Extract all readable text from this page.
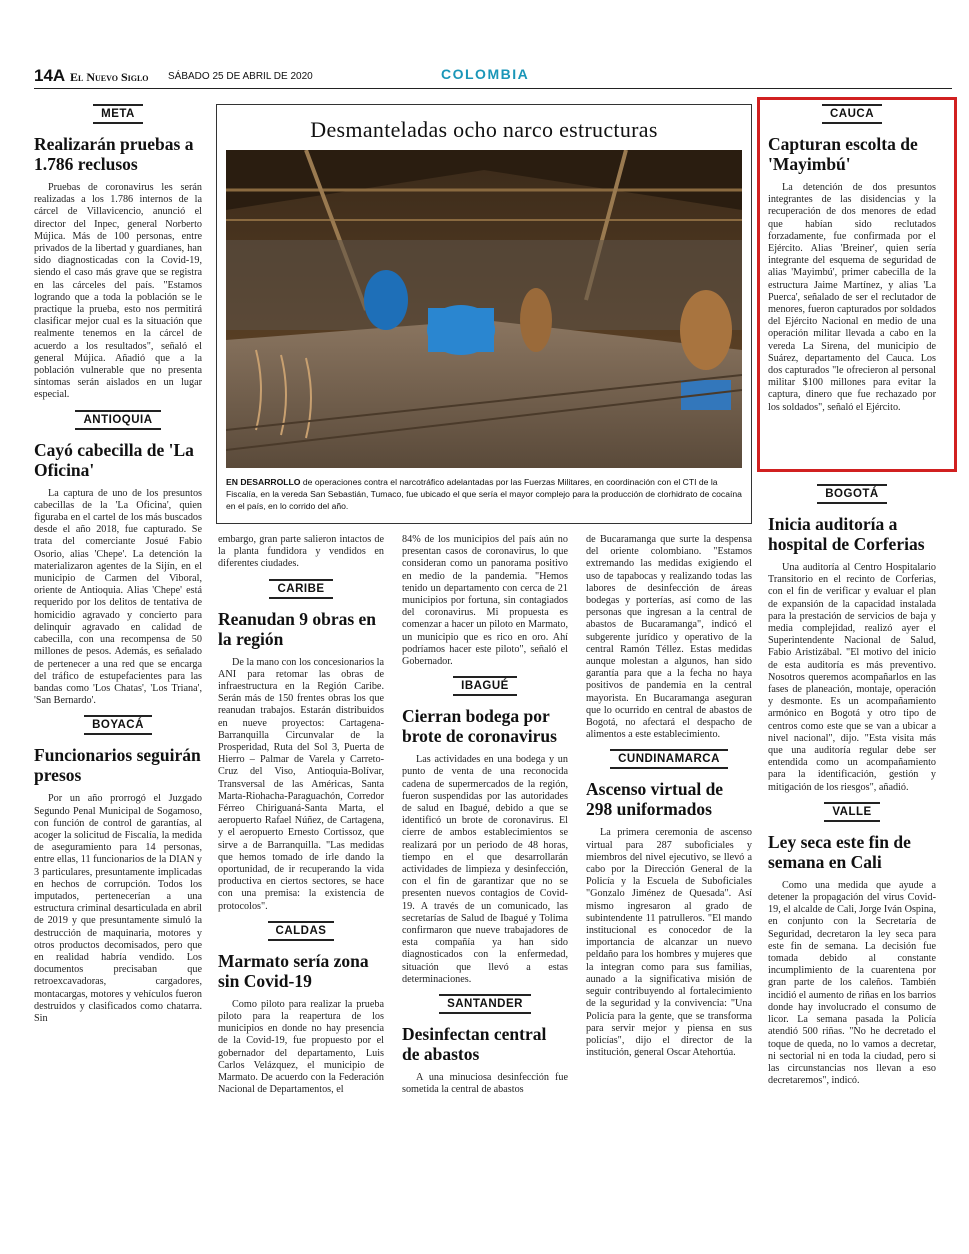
14A El Nuevo Siglo SÁBADO 25 DE ABRIL DE 2020	COLOMBIA
META
Realizarán pruebas a 1.786 reclusos

Pruebas de coronavirus les serán realizadas a los 1.786 internos de la cárcel de Villavicencio, anunció el director del Inpec, general Norberto Mújica. Más de 100 personas, entre privados de la libertad y guardianes, han sido diagnosticadas con la Covid-19, siendo el caso más grave que se registra en las cárceles del país. "Estamos logrando que a toda la población se le practique la prueba, esto nos permitirá clasificar mejor cual es la situación que realmente tenemos en la cárcel de acuerdo a los resultados", señaló el general Mújica. Añadió que a la población vulnerable que no presenta síntomas serán aislados en un lugar especial.

ANTIOQUIA
Cayó cabecilla de 'La Oficina'

La captura de uno de los presuntos cabecillas de la 'La Oficina', quien figuraba en el cartel de los más buscados desde el año 2018, fue capturado. Se trata del comerciante Josué Fabio Osorio, alias 'Chepe'. La detención la materializaron agentes de la Sijín, en el municipio de Carmen del Viboral, oriente de Antioquia. Alias 'Chepe' está requerido por los delitos de tentativa de homicidio agravado y concierto para delinquir agravado en calidad de cabecilla, con una recompensa de 50 millones de pesos. Además, es señalado de pertenecer a una red que se encarga del tráfico de estupefacientes para las bandas como 'Los Chatas', 'Los Triana', 'San Bernardo'.

BOYACÁ
Funcionarios seguirán presos

Por un año prorrogó el Juzgado Segundo Penal Municipal de Sogamoso, con función de control de garantías, al acoger la solicitud de Fiscalía, la medida de aseguramiento para 14 personas, entre ellas, 11 funcionarios de la DIAN y 3 particulares, presuntamente implicadas en hechos de corrupción. Todos los imputados, pertenecerían a una estructura criminal desarticulada en abril de 2019 y que presuntamente simuló la destrucción de maquinaria, motores y otros productos decomisados, pero que en realidad habría vendido. Los documentos precisaban que retroexcavadoras, cargadores, montacargas, motores y vehículos fueron destruidos y clasificados como chatarra. Sin

Desmanteladas ocho narco estructuras
EN DESARROLLO de operaciones contra el narcotráfico adelantadas por las Fuerzas Militares, en coordinación con el CTI de la Fiscalía, en la vereda San Sebastián, Tumaco, fue ubicado el que sería el mayor complejo para la producción de clorhidrato de cocaína en el país, en lo corrido del año.

embargo, gran parte salieron intactos de la planta fundidora y vendidos en diferentes ciudades.

CARIBE
Reanudan 9 obras en la región

De la mano con los concesionarios la ANI para retomar las obras de infraestructura en la Región Caribe. Serán más de 150 frentes obras los que reanudan trabajos. Estarán distribuidos en nueve proyectos: Cartagena-Barranquilla Circunvalar de la Prosperidad, Ruta del Sol 3, Puerta de Hierro – Palmar de Varela y Carreto-Cruz del Viso, Antioquia-Bolívar, Transversal de las Américas, Santa Marta-Riohacha-Paraguachón, Corredor Férreo Chiriguaná-Santa Marta, el aeropuerto Rafael Núñez, de Cartagena, y el aeropuerto Ernesto Cortissoz, que sirve a de Barranquilla. "Las medidas que hemos tomado de irle dando la oportunidad, de ir recuperando la vida productiva en ciertos sectores, se hace con una premisa: la existencia de protocolos".

CALDAS
Marmato sería zona sin Covid-19

Como piloto para realizar la prueba piloto para la reapertura de los municipios en donde no hay presencia de la Covid-19, fue propuesto por el gobernador del departamento, Luis Carlos Velázquez, el municipio de Marmato. De acuerdo con la Federación Nacional de Departamentos, el

84% de los municipios del país aún no presentan casos de coronavirus, lo que consideran como un panorama positivo en medio de la pandemia. "Hemos tenido un departamento con cerca de 21 municipios por fortuna, sin contagiados del coronavirus. Mi propuesta es comenzar a hacer un piloto en Marmato, un municipio que es rico en oro. Ahí podríamos hacer este piloto", señaló el Gobernador.

IBAGUÉ
Cierran bodega por brote de coronavirus

Las actividades en una bodega y un punto de venta de una reconocida cadena de supermercados de la región, fueron suspendidas por las autoridades de salud en Ibagué, debido a que se identificó un brote de coronavirus. El cierre de ambos establecimientos se realizará por un periodo de 48 horas, tiempo en el que desarrollarán actividades de limpieza y desinfección, con el fin de garantizar que no se presenten nuevos contagios de Covid-19. A través de un comunicado, las secretarías de Salud de Ibagué y Tolima confirmaron que nueve trabajadores de esta compañía ya han sido diagnosticados con la enfermedad, situación que llevó a estas determinaciones.

SANTANDER
Desinfectan central de abastos

A una minuciosa desinfección fue sometida la central de abastos

de Bucaramanga que surte la despensa del oriente colombiano. "Estamos extremando las medidas exigiendo el uso de tapabocas y realizando todas las labores de desinfección de áreas bodegas y porterías, así como de las personas que ingresan a la central de abastos de Bucaramanga", indicó el subgerente jurídico y operativo de la central Ramón Téllez. Estas medidas aunque molestan a algunos, han sido garantía para que a la fecha no haya positivos de pandemia en la central mayorista. En Bucaramanga aseguran que lo ocurrido en central de abastos de Bogotá, no afectará el despacho de alimentos a este establecimiento.

CUNDINAMARCA
Ascenso virtual de 298 uniformados

La primera ceremonia de ascenso virtual para 287 suboficiales y miembros del nivel ejecutivo, se llevó a cabo por la Dirección General de la Policía y la Escuela de Suboficiales "Gonzalo Jiménez de Quesada". Así mismo ingresaron al grado de subintendente 11 patrulleros. "El mando institucional es conocedor de la importancia de alcanzar un nuevo peldaño para los hombres y mujeres que la integran como para sus familias, aunado a la significativa misión de seguir contribuyendo al fortalecimiento de la seguridad y la convivencia: "Una Policía para la gente, que se transforma para servir mejor y piensa en sus policías", dijo el director de la institución, general Oscar Atehortúa.

CAUCA
Capturan escolta de 'Mayimbú'

La detención de dos presuntos integrantes de las disidencias y la recuperación de dos menores de edad que habían sido reclutados forzadamente, fue confirmada por el Ejército. Alias 'Breiner', quien sería integrante del esquema de seguridad de alias 'Mayimbú', primer cabecilla de la estructura Jaime Martínez, y alias 'La Puerca', señalado de ser el reclutador de menores, fueron capturados por soldados del Ejército Nacional en medio de una operación militar llevada a cabo en la vereda La Sirena, del municipio de Suárez, departamento del Cauca. Los dos capturados "le ofrecieron al personal militar $100 millones para evitar la captura, dinero que fue rechazado por los soldados", señaló el Ejército.

BOGOTÁ
Inicia auditoría a hospital de Corferias

Una auditoría al Centro Hospitalario Transitorio en el recinto de Corferias, con el fin de verificar y evaluar el plan de expansión de la capacidad instalada para la prestación de servicios de baja y media complejidad, realizó ayer el Superintendente Nacional de Salud, Fabio Aristizábal. "El motivo del inicio de esta auditoría es más preventivo. Nosotros queremos acompañarlos en las fases de planeación, montaje, operación y desmonte. Es un acompañamiento armónico en Bogotá y otro tipo de centros como este que se van a ubicar a nivel nacional", dijo. "Esta visita más que una auditoría regular debe ser entendida como un acompañamiento para la identificación, gestión y mitigación de los riesgos", añadió.

VALLE
Ley seca este fin de semana en Cali

Como una medida que ayude a detener la propagación del virus Covid-19, el alcalde de Cali, Jorge Iván Ospina, en conjunto con la Secretaría de Seguridad, decretaron la ley seca para este fin de semana. La decisión fue tomada debido al constante incumplimiento de la cuarentena por gran parte de los caleños. También incidió el aumento de riñas en los barrios donde hay involucrado el consumo de licor. La semana pasada la Policía atendió 500 riñas. "No he decretado el toque de queda, no lo vamos a decretar, ni sectorial ni en toda la ciudad, pero si las circunstancias nos llevan a eso decretaremos", indicó.
